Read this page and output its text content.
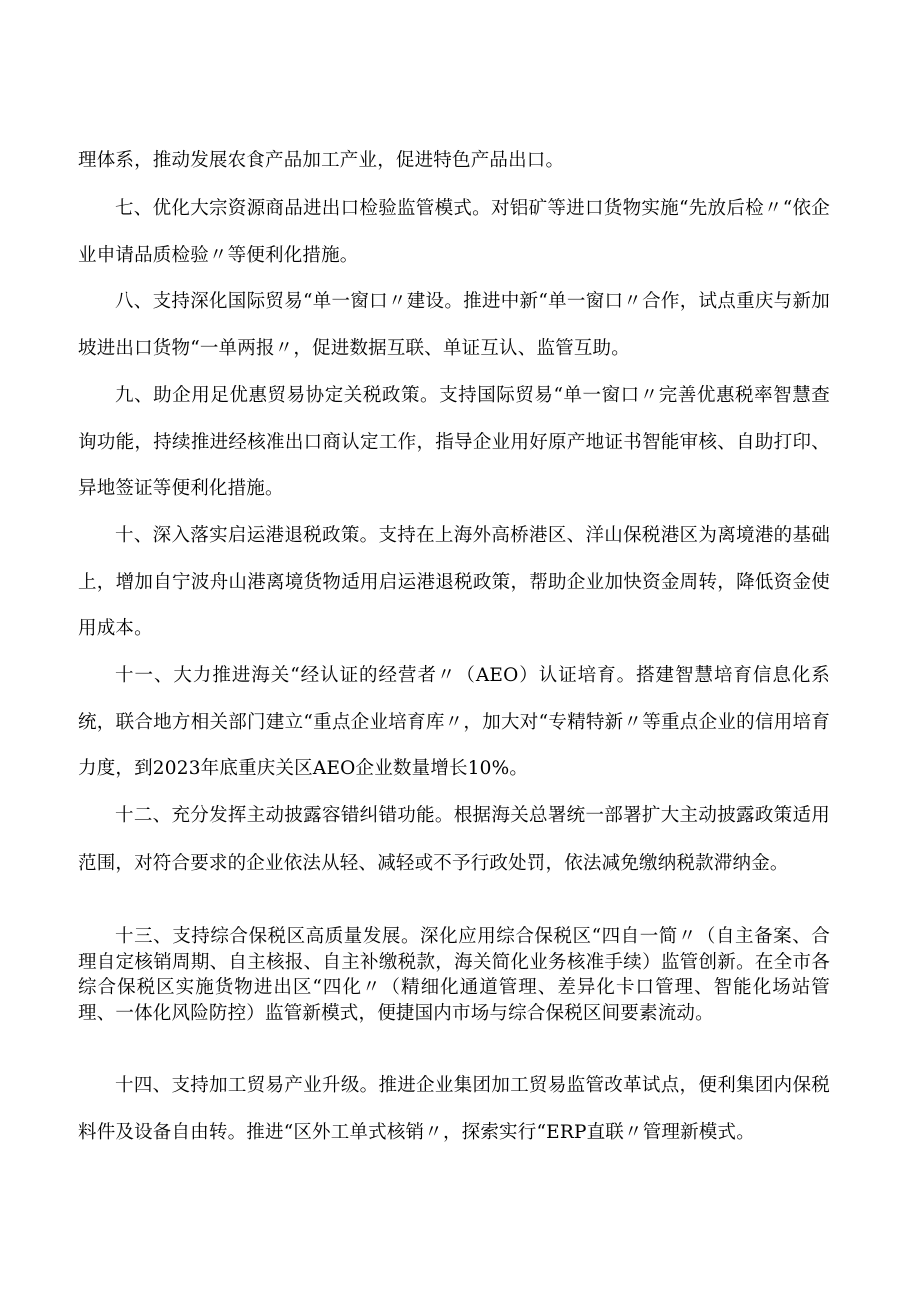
理体系，推动发展农食产品加工产业，促进特色产品出口。

七、优化大宗资源商品进出口检验监管模式。对铝矿等进口货物实施“先放后检〃“依企业申请品质检验〃等便利化措施。

八、支持深化国际贸易“单一窗口〃建设。推进中新“单一窗口〃合作，试点重庆与新加坡进出口货物“一单两报〃，促进数据互联、单证互认、监管互助。

九、助企用足优惠贸易协定关税政策。支持国际贸易“单一窗口〃完善优惠税率智慧查询功能，持续推进经核准出口商认定工作，指导企业用好原产地证书智能审核、自助打印、异地签证等便利化措施。

十、深入落实启运港退税政策。支持在上海外高桥港区、洋山保税港区为离境港的基础上，增加自宁波舟山港离境货物适用启运港退税政策，帮助企业加快资金周转，降低资金使用成本。

十一、大力推进海关“经认证的经营者〃（AEO）认证培育。搭建智慧培育信息化系统，联合地方相关部门建立“重点企业培育库〃，加大对“专精特新〃等重点企业的信用培育力度，到2023年底重庆关区AEO企业数量增长10%。

十二、充分发挥主动披露容错纠错功能。根据海关总署统一部署扩大主动披露政策适用范围，对符合要求的企业依法从轻、减轻或不予行政处罚，依法减免缴纳税款滞纳金。

十三、支持综合保税区高质量发展。深化应用综合保税区“四自一简〃（自主备案、合理自定核销周期、自主核报、自主补缴税款，海关简化业务核准手续）监管创新。在全市各综合保税区实施货物进出区“四化〃（精细化通道管理、差异化卡口管理、智能化场站管理、一体化风险防控）监管新模式，便捷国内市场与综合保税区间要素流动。

十四、支持加工贸易产业升级。推进企业集团加工贸易监管改革试点，便利集团内保税料件及设备自由转。推进“区外工单式核销〃，探索实行“ERP直联〃管理新模式。
